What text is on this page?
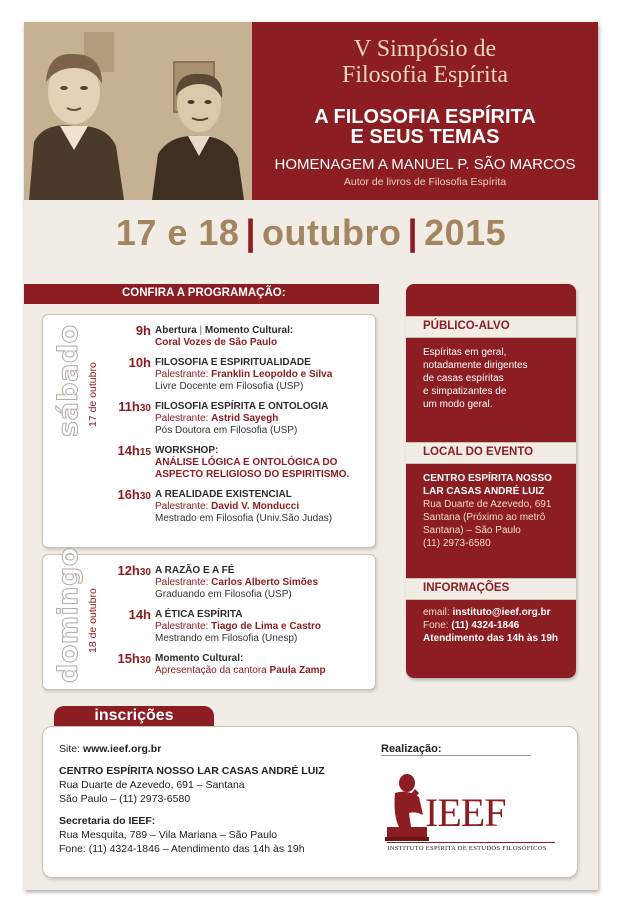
V Simpósio de
Filosofia Espírita
A FILOSOFIA ESPÍRITA
E SEUS TEMAS
HOMENAGEM A MANUEL P. SÃO MARCOS
Autor de livros de Filosofia Espírita
17 e 18 | outubro | 2015
CONFIRA A PROGRAMAÇÃO:
sábado 17 de outubro
9h Abertura | Momento Cultural:
Coral Vozes de São Paulo
10h FILOSOFIA E ESPIRITUALIDADE
Palestrante: Franklin Leopoldo e Silva
Livre Docente em Filosofia (USP)
11h30 FILOSOFIA ESPÍRITA E ONTOLOGIA
Palestrante: Astrid Sayegh
Pós Doutora em Filosofia (USP)
14h15 WORKSHOP:
ANÁLISE LÓGICA E ONTOLÓGICA DO
ASPECTO RELIGIOSO DO ESPIRITISMO.
16h30 A REALIDADE EXISTENCIAL
Palestrante: David V. Monducci
Mestrado em Filosofia (Univ.São Judas)
domingo 18 de outubro
12h30 A RAZÃO E A FÉ
Palestrante: Carlos Alberto Simões
Graduando em Filosofia (USP)
14h A ÉTICA ESPÍRITA
Palestrante: Tiago de Lima e Castro
Mestrando em Filosofia (Unesp)
15h30 Momento Cultural:
Apresentação da cantora Paula Zamp
PÚBLICO-ALVO
Espíritas em geral,
notadamente dirigentes
de casas espíritas
e simpatizantes de
um modo geral.
LOCAL DO EVENTO
CENTRO ESPÍRITA NOSSO
LAR CASAS ANDRÉ LUIZ
Rua Duarte de Azevedo, 691
Santana (Próximo ao metrô
Santana) – São Paulo
(11) 2973-6580
INFORMAÇÕES
email: instituto@ieef.org.br
Fone: (11) 4324-1846
Atendimento das 14h às 19h
inscrições
Site: www.ieef.org.br
CENTRO ESPÍRITA NOSSO LAR CASAS ANDRÉ LUIZ
Rua Duarte de Azevedo, 691 – Santana
São Paulo – (11) 2973-6580
Secretaria do IEEF:
Rua Mesquita, 789 – Vila Mariana – São Paulo
Fone: (11) 4324-1846 – Atendimento das 14h às 19h
Realização:
IEEF
INSTITUTO ESPÍRITA DE ESTUDOS FILOSÓFICOS
